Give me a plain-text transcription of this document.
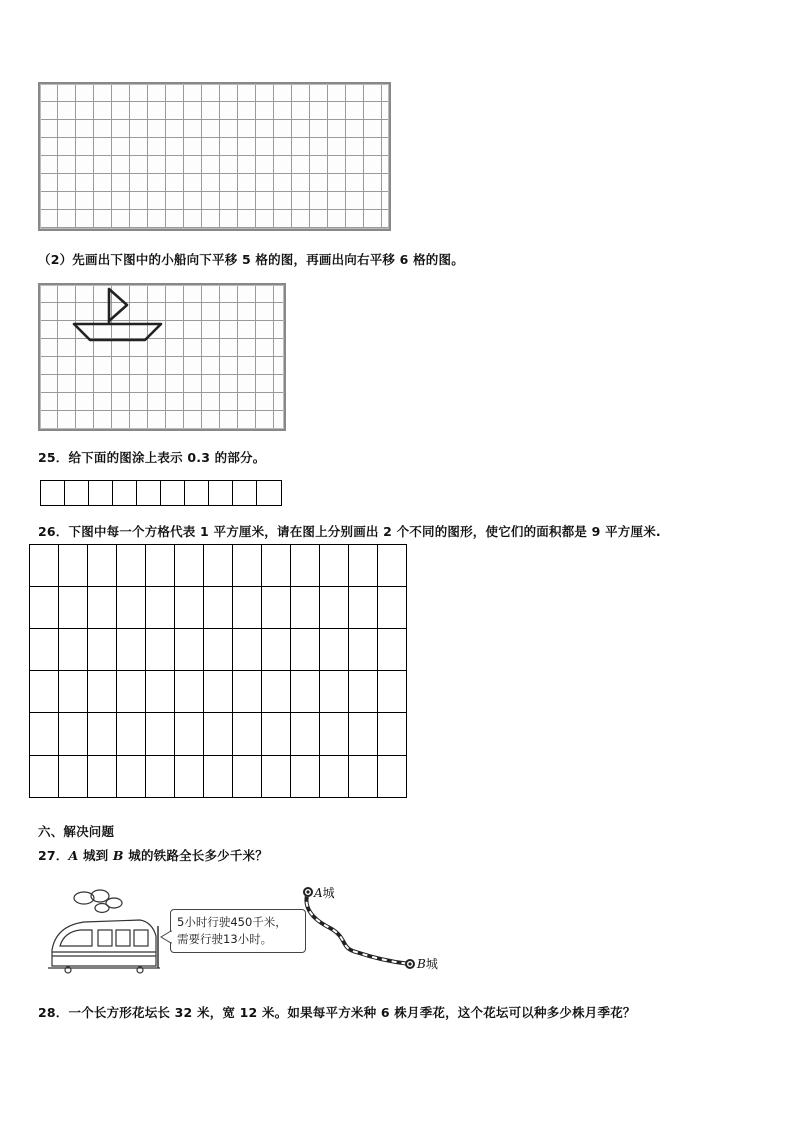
（2）先画出下图中的小船向下平移 5 格的图，再画出向右平移 6 格的图。
25．给下面的图涂上表示 0.3 的部分。
26．下图中每一个方格代表 1 平方厘米，请在图上分别画出 2 个不同的图形，使它们的面积都是 9 平方厘米.
六、解决问题
27．A 城到 B 城的铁路全长多少千米？
5小时行驶450千米，
需要行驶13小时。
A城
B城
28．一个长方形花坛长 32 米，宽 12 米。如果每平方米种 6 株月季花，这个花坛可以种多少株月季花？
